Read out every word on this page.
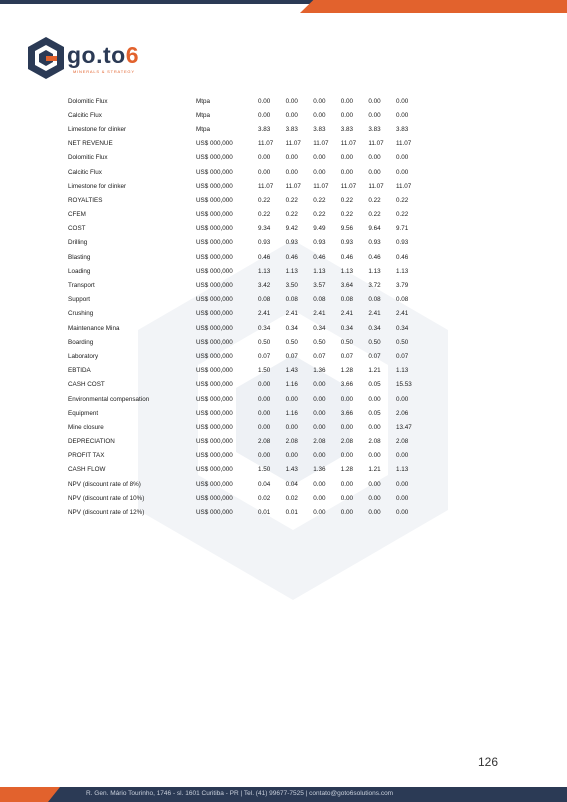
go.to6
MINERALS & STRATEGY
Dolomitic Flux	Mtpa	0.00	0.00	0.00	0.00	0.00	0.00
Calcitic Flux	Mtpa	0.00	0.00	0.00	0.00	0.00	0.00
Limestone for clinker	Mtpa	3.83	3.83	3.83	3.83	3.83	3.83
NET REVENUE	US$ 000,000	11.07	11.07	11.07	11.07	11.07	11.07
Dolomitic Flux	US$ 000,000	0.00	0.00	0.00	0.00	0.00	0.00
Calcitic Flux	US$ 000,000	0.00	0.00	0.00	0.00	0.00	0.00
Limestone for clinker	US$ 000,000	11.07	11.07	11.07	11.07	11.07	11.07
ROYALTIES	US$ 000,000	0.22	0.22	0.22	0.22	0.22	0.22
CFEM	US$ 000,000	0.22	0.22	0.22	0.22	0.22	0.22
COST	US$ 000,000	9.34	9.42	9.49	9.56	9.64	9.71
Drilling	US$ 000,000	0.93	0.93	0.93	0.93	0.93	0.93
Blasting	US$ 000,000	0.46	0.46	0.46	0.46	0.46	0.46
Loading	US$ 000,000	1.13	1.13	1.13	1.13	1.13	1.13
Transport	US$ 000,000	3.42	3.50	3.57	3.64	3.72	3.79
Support	US$ 000,000	0.08	0.08	0.08	0.08	0.08	0.08
Crushing	US$ 000,000	2.41	2.41	2.41	2.41	2.41	2.41
Maintenance Mina	US$ 000,000	0.34	0.34	0.34	0.34	0.34	0.34
Boarding	US$ 000,000	0.50	0.50	0.50	0.50	0.50	0.50
Laboratory	US$ 000,000	0.07	0.07	0.07	0.07	0.07	0.07
EBTIDA	US$ 000,000	1.50	1.43	1.36	1.28	1.21	1.13
CASH COST	US$ 000,000	0.00	1.16	0.00	3.66	0.05	15.53
Environmental compensation	US$ 000,000	0.00	0.00	0.00	0.00	0.00	0.00
Equipment	US$ 000,000	0.00	1.16	0.00	3.66	0.05	2.06
Mine closure	US$ 000,000	0.00	0.00	0.00	0.00	0.00	13.47
DEPRECIATION	US$ 000,000	2.08	2.08	2.08	2.08	2.08	2.08
PROFIT TAX	US$ 000,000	0.00	0.00	0.00	0.00	0.00	0.00
CASH FLOW	US$ 000,000	1.50	1.43	1.36	1.28	1.21	1.13
NPV (discount rate of 8%)	US$ 000,000	0.04	0.04	0.00	0.00	0.00	0.00
NPV (discount rate of 10%)	US$ 000,000	0.02	0.02	0.00	0.00	0.00	0.00
NPV (discount rate of 12%)	US$ 000,000	0.01	0.01	0.00	0.00	0.00	0.00
126
R. Gen. Mário Tourinho, 1746 - sl. 1601 Curitiba - PR | Tel. (41) 99677-7525 | contato@goto6solutions.com
